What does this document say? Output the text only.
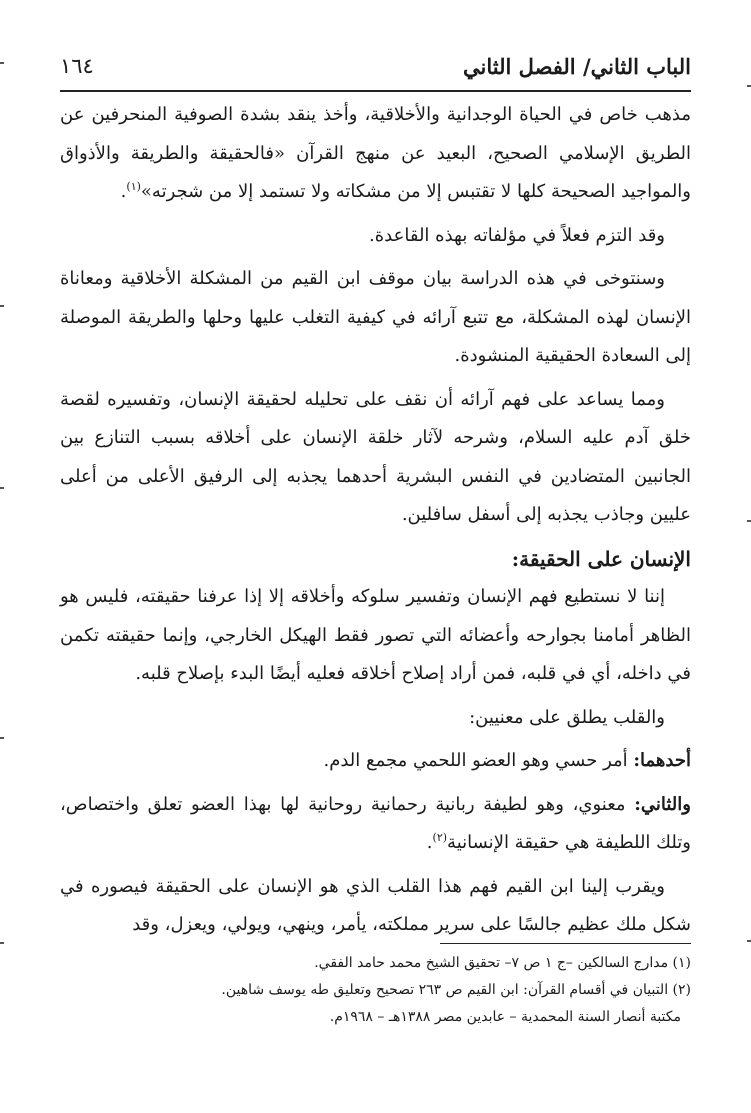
الباب الثاني/ الفصل الثاني
١٦٤

مذهب خاص في الحياة الوجدانية والأخلاقية، وأخذ ينقد بشدة الصوفية المنحرفين عن الطريق الإسلامي الصحيح، البعيد عن منهج القرآن «فالحقيقة والطريقة والأذواق والمواجيد الصحيحة كلها لا تقتبس إلا من مشكاته ولا تستمد إلا من شجرته»$^{(١)}$.

وقد التزم فعلاً في مؤلفاته بهذه القاعدة.

وسنتوخى في هذه الدراسة بيان موقف ابن القيم من المشكلة الأخلاقية ومعاناة الإنسان لهذه المشكلة، مع تتبع آرائه في كيفية التغلب عليها وحلها والطريقة الموصلة إلى السعادة الحقيقية المنشودة.

ومما يساعد على فهم آرائه أن نقف على تحليله لحقيقة الإنسان، وتفسيره لقصة خلق آدم عليه السلام، وشرحه لآثار خلقة الإنسان على أخلاقه بسبب التنازع بين الجانبين المتضادين في النفس البشرية أحدهما يجذبه إلى الرفيق الأعلى من أعلى عليين وجاذب يجذبه إلى أسفل سافلين.

الإنسان على الحقيقة:

إننا لا نستطيع فهم الإنسان وتفسير سلوكه وأخلاقه إلا إذا عرفنا حقيقته، فليس هو الظاهر أمامنا بجوارحه وأعضائه التي تصور فقط الهيكل الخارجي، وإنما حقيقته تكمن في داخله، أي في قلبه، فمن أراد إصلاح أخلاقه فعليه أيضًا البدء بإصلاح قلبه.

والقلب يطلق على معنيين:

أحدهما: أمر حسي وهو العضو اللحمي مجمع الدم.

والثاني: معنوي، وهو لطيفة ربانية رحمانية روحانية لها بهذا العضو تعلق واختصاص، وتلك اللطيفة هي حقيقة الإنسانية$^{(٢)}$.

ويقرب إلينا ابن القيم فهم هذا القلب الذي هو الإنسان على الحقيقة فيصوره في شكل ملك عظيم جالسًا على سرير مملكته، يأمر، وينهي، ويولي، ويعزل، وقد

(١) مدارج السالكين –ج ١ ص ٧– تحقيق الشيخ محمد حامد الفقي.
(٢) التبيان في أقسام القرآن: ابن القيم ص ٢٦٣ تصحيح وتعليق طه يوسف شاهين.
مكتبة أنصار السنة المحمدية – عابدين مصر ١٣٨٨هـ – ١٩٦٨م.
